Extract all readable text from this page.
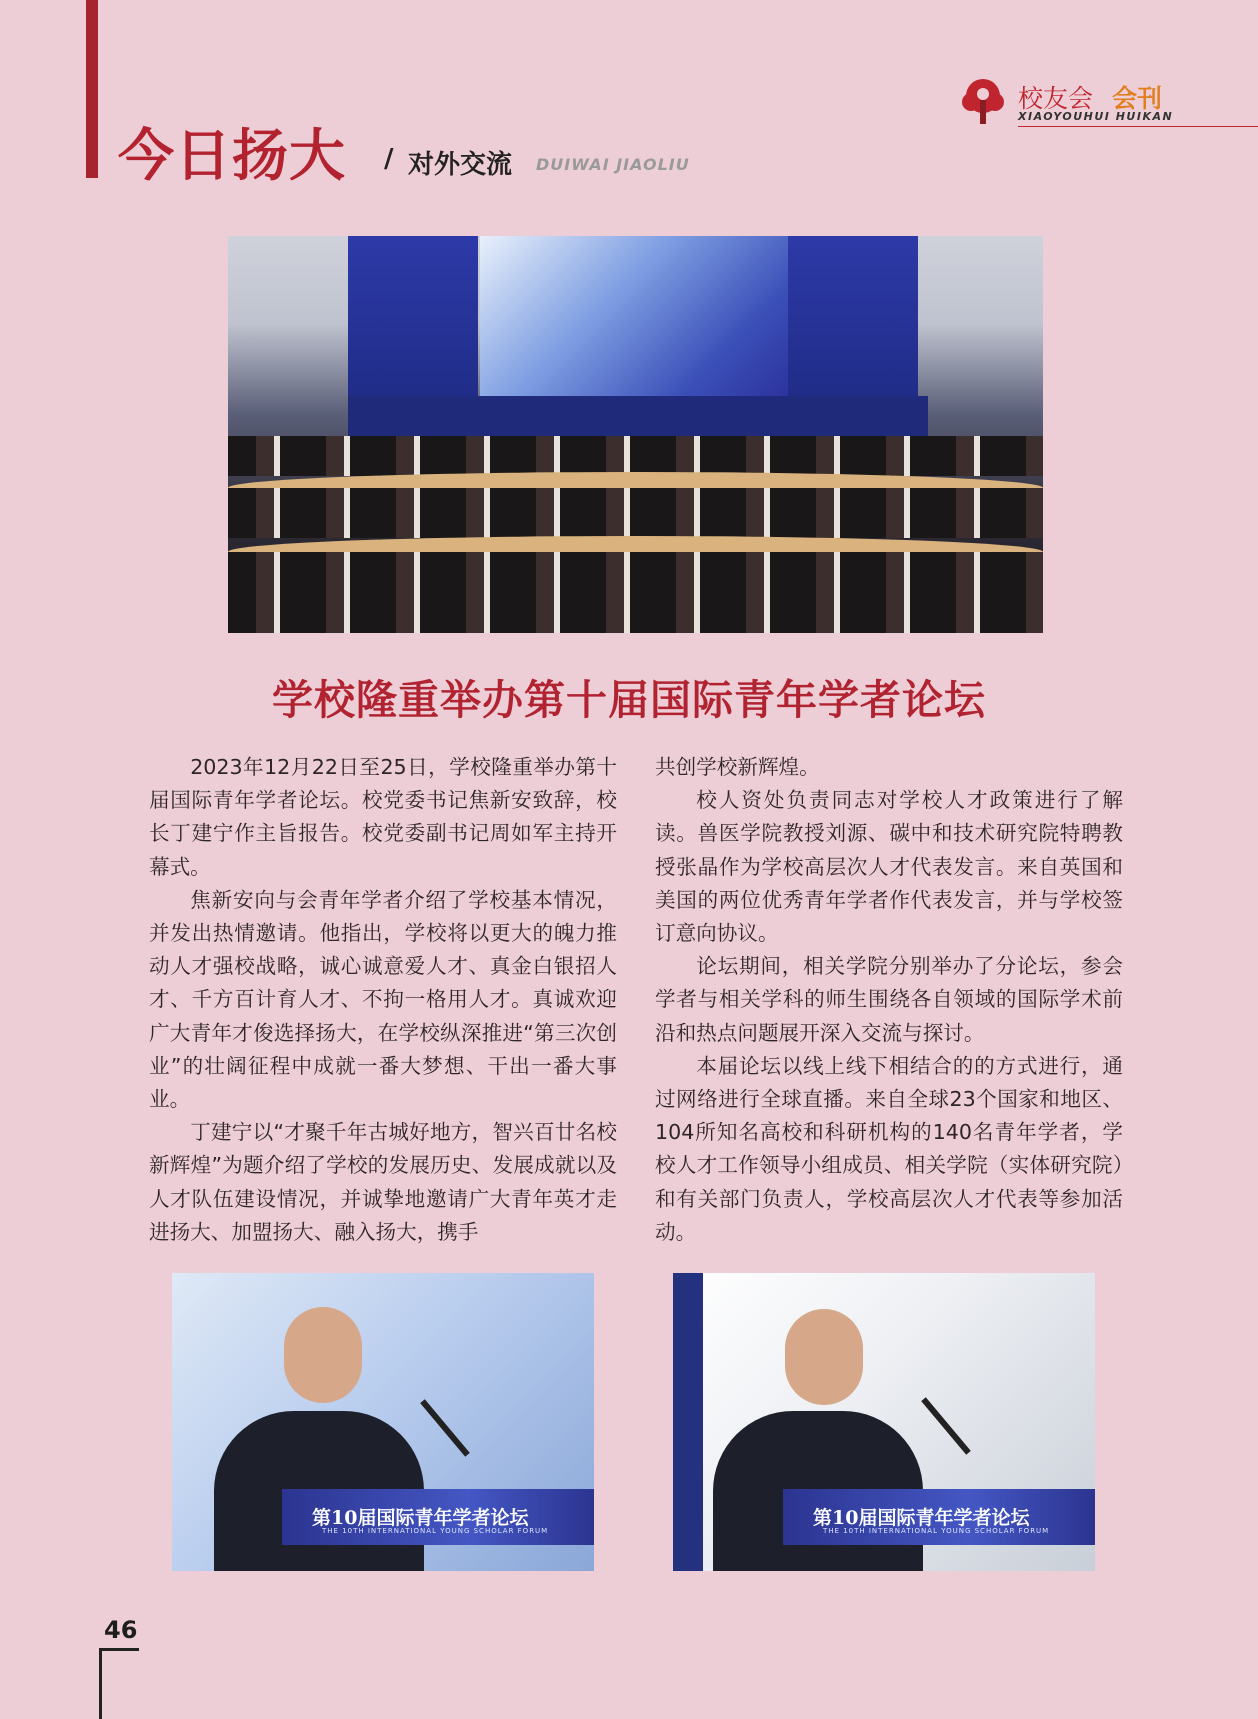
今日扬大 / 对外交流 DUIWAI JIAOLIU
校友会 会刊
XIAOYOUHUI HUIKAN
学校隆重举办第十届国际青年学者论坛

2023年12月22日至25日，学校隆重举办第十届国际青年学者论坛。校党委书记焦新安致辞，校长丁建宁作主旨报告。校党委副书记周如军主持开幕式。

焦新安向与会青年学者介绍了学校基本情况，并发出热情邀请。他指出，学校将以更大的魄力推动人才强校战略，诚心诚意爱人才、真金白银招人才、千方百计育人才、不拘一格用人才。真诚欢迎广大青年才俊选择扬大，在学校纵深推进“第三次创业”的壮阔征程中成就一番大梦想、干出一番大事业。

丁建宁以“才聚千年古城好地方，智兴百廿名校新辉煌”为题介绍了学校的发展历史、发展成就以及人才队伍建设情况，并诚挚地邀请广大青年英才走进扬大、加盟扬大、融入扬大，携手

共创学校新辉煌。

校人资处负责同志对学校人才政策进行了解读。兽医学院教授刘源、碳中和技术研究院特聘教授张晶作为学校高层次人才代表发言。来自英国和美国的两位优秀青年学者作代表发言，并与学校签订意向协议。

论坛期间，相关学院分别举办了分论坛，参会学者与相关学科的师生围绕各自领域的国际学术前沿和热点问题展开深入交流与探讨。

本届论坛以线上线下相结合的的方式进行，通过网络进行全球直播。来自全球23个国家和地区、104所知名高校和科研机构的140名青年学者，学校人才工作领导小组成员、相关学院（实体研究院）和有关部门负责人，学校高层次人才代表等参加活动。

第10届国际青年学者论坛
THE 10TH INTERNATIONAL YOUNG SCHOLAR FORUM
第10届国际青年学者论坛
THE 10TH INTERNATIONAL YOUNG SCHOLAR FORUM
46
